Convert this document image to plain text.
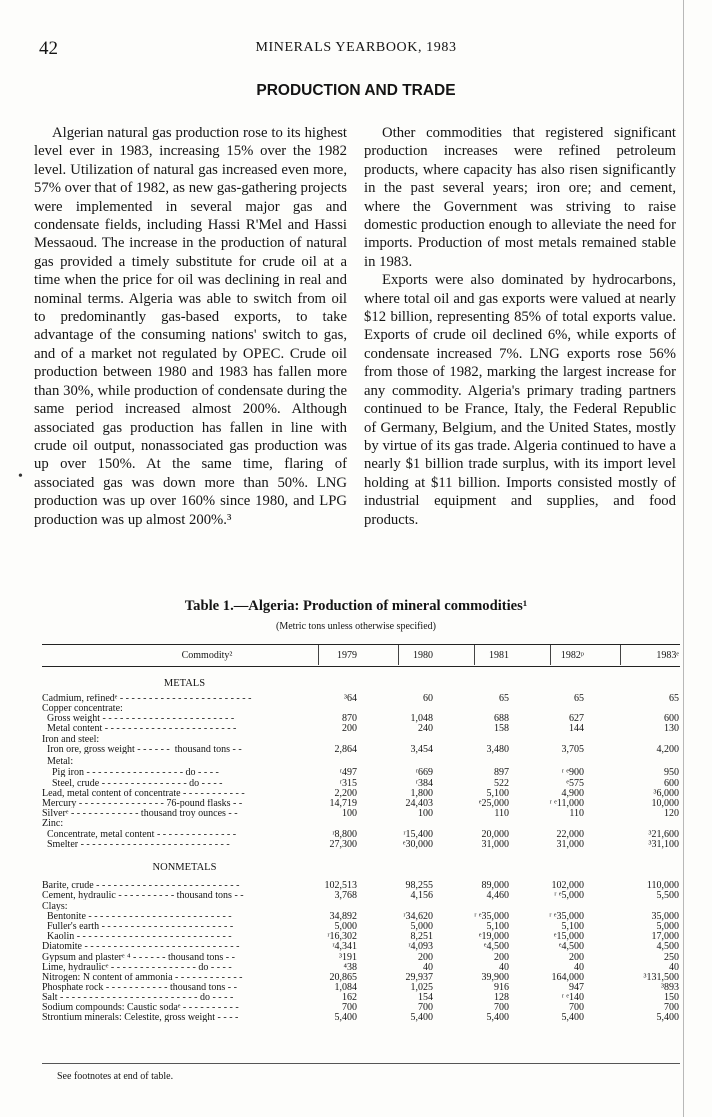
•
42	MINERALS YEARBOOK, 1983
PRODUCTION AND TRADE

Algerian natural gas production rose to its highest level ever in 1983, increasing 15% over the 1982 level. Utilization of natural gas increased even more, 57% over that of 1982, as new gas-gathering projects were implemented in several major gas and condensate fields, including Hassi R'Mel and Hassi Messaoud. The increase in the production of natural gas provided a timely substitute for crude oil at a time when the price for oil was declining in real and nominal terms. Algeria was able to switch from oil to predominantly gas-based exports, to take advantage of the consuming nations' switch to gas, and of a market not regulated by OPEC. Crude oil production between 1980 and 1983 has fallen more than 30%, while production of condensate during the same period increased almost 200%. Although associated gas production has fallen in line with crude oil output, nonassociated gas production was up over 150%. At the same time, flaring of associated gas was down more than 50%. LNG production was up over 160% since 1980, and LPG production was up almost 200%.³

Other commodities that registered significant production increases were refined petroleum products, where capacity has also risen significantly in the past several years; iron ore; and cement, where the Government was striving to raise domestic production enough to alleviate the need for imports. Production of most metals remained stable in 1983.

Exports were also dominated by hydrocarbons, where total oil and gas exports were valued at nearly $12 billion, representing 85% of total exports value. Exports of crude oil declined 6%, while exports of condensate increased 7%. LNG exports rose 56% from those of 1982, marking the largest increase for any commodity. Algeria's primary trading partners continued to be France, Italy, the Federal Republic of Germany, Belgium, and the United States, mostly by virtue of its gas trade. Algeria continued to have a nearly $1 billion trade surplus, with its import level holding at $11 billion. Imports consisted mostly of industrial equipment and supplies, and food products.

Table 1.—Algeria: Production of mineral commodities¹
(Metric tons unless otherwise specified)
Commodity²	1979	1980	1981	1982ᵖ	1983ᵉ
METALS
Cadmium, refinedᵉ - - - - - - - - - - - - - - - - - - - - - - -	³64	60	65	65	65
Copper concentrate:
Gross weight - - - - - - - - - - - - - - - - - - - - - - -	870	1,048	688	627	600
Metal content - - - - - - - - - - - - - - - - - - - - - - -	200	240	158	144	130
Iron and steel:
Iron ore, gross weight - - - - - -  thousand tons - -	2,864	3,454	3,480	3,705	4,200
Metal:
Pig iron - - - - - - - - - - - - - - - - - do - - - -	ʳ497	ʳ669	897	ʳ ᵉ900	950
Steel, crude - - - - - - - - - - - - - - - do - - - -	ʳ315	ʳ384	522	ᵉ575	600
Lead, metal content of concentrate - - - - - - - - - - -	2,200	1,800	5,100	4,900	³6,000
Mercury - - - - - - - - - - - - - - - 76-pound flasks - -	14,719	24,403	ᵉ25,000	ʳ ᵉ11,000	10,000
Silverᵉ - - - - - - - - - - - - thousand troy ounces - -	100	100	110	110	120
Zinc:
Concentrate, metal content - - - - - - - - - - - - - -	ʳ8,800	ʳ15,400	20,000	22,000	³21,600
Smelter - - - - - - - - - - - - - - - - - - - - - - - - - -	27,300	ᵉ30,000	31,000	31,000	³31,100
NONMETALS
Barite, crude - - - - - - - - - - - - - - - - - - - - - - - - -	102,513	98,255	89,000	102,000	110,000
Cement, hydraulic - - - - - - - - - - thousand tons - -	3,768	4,156	4,460	ʳ ᵉ5,000	5,500
Clays:
Bentonite - - - - - - - - - - - - - - - - - - - - - - - - -	34,892	ʳ34,620	ʳ ᵉ35,000	ʳ ᵉ35,000	35,000
Fuller's earth - - - - - - - - - - - - - - - - - - - - - - -	5,000	5,000	5,100	5,100	5,000
Kaolin - - - - - - - - - - - - - - - - - - - - - - - - - - -	ʳ16,302	8,251	ᵉ19,000	ᵉ15,000	17,000
Diatomite - - - - - - - - - - - - - - - - - - - - - - - - - - -	ʳ4,341	ʳ4,093	ᵉ4,500	ᵉ4,500	4,500
Gypsum and plasterᵉ ⁴ - - - - - - thousand tons - -	³191	200	200	200	250
Lime, hydraulicᵉ - - - - - - - - - - - - - - - do - - - -	⁴38	40	40	40	40
Nitrogen: N content of ammonia - - - - - - - - - - - -	20,865	29,937	39,900	164,000	³131,500
Phosphate rock - - - - - - - - - - - thousand tons - -	1,084	1,025	916	947	³893
Salt - - - - - - - - - - - - - - - - - - - - - - - - do - - - -	162	154	128	ʳ ᵉ140	150
Sodium compounds: Caustic sodaᵉ - - - - - - - - - -	700	700	700	700	700
Strontium minerals: Celestite, gross weight - - - -	5,400	5,400	5,400	5,400	5,400
See footnotes at end of table.
